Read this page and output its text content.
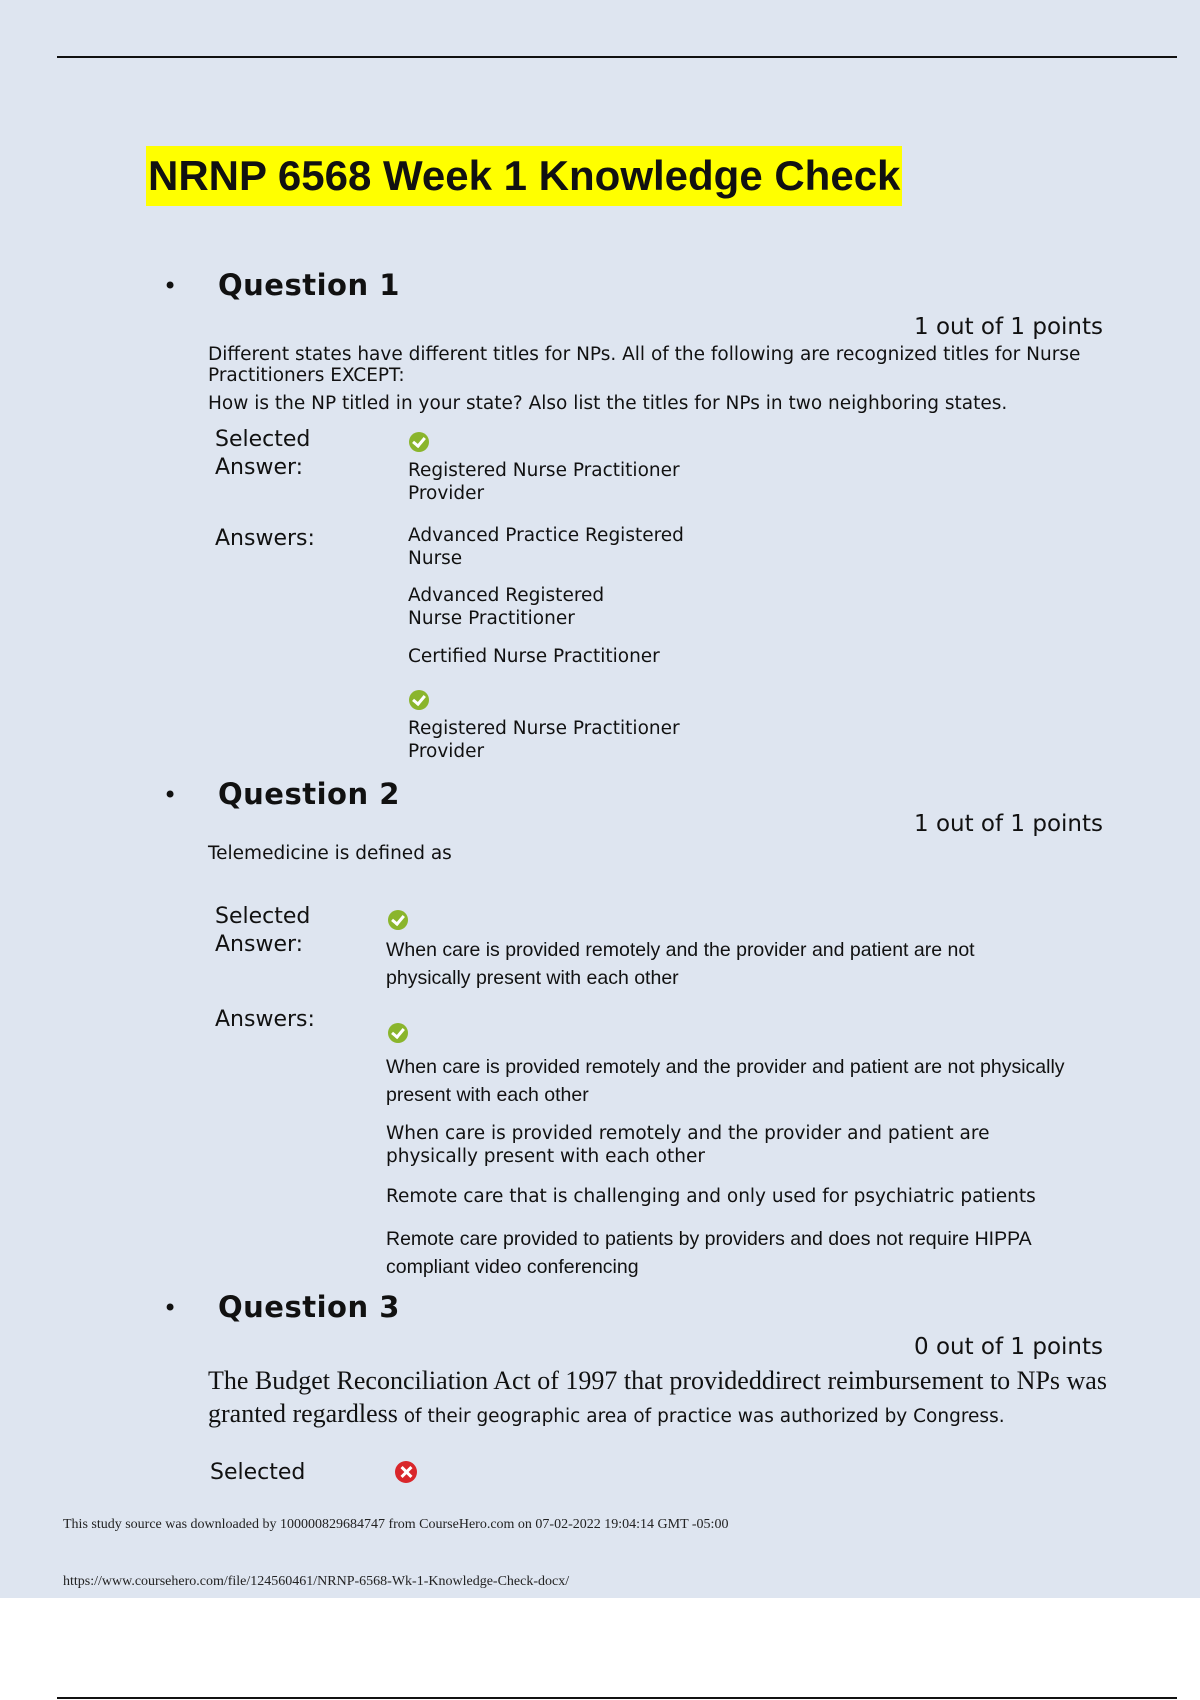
NRNP 6568 Week 1 Knowledge Check
• Question 1
1 out of 1 points
Different states have different titles for NPs. All of the following are recognized titles for Nurse Practitioners EXCEPT:
How is the NP titled in your state? Also list the titles for NPs in two neighboring states.
Selected Answer:	Registered Nurse Practitioner Provider
Answers:	Advanced Practice Registered Nurse
Advanced Registered Nurse Practitioner
Certified Nurse Practitioner
Registered Nurse Practitioner Provider
• Question 2
1 out of 1 points
Telemedicine is defined as
Selected Answer:	When care is provided remotely and the provider and patient are not physically present with each other
Answers:
When care is provided remotely and the provider and patient are not physically present with each other
When care is provided remotely and the provider and patient are physically present with each other
Remote care that is challenging and only used for psychiatric patients
Remote care provided to patients by providers and does not require HIPPA compliant video conferencing
• Question 3
0 out of 1 points
The Budget Reconciliation Act of 1997 that provideddirect reimbursement to NPs was granted regardless of their geographic area of practice was authorized by Congress.
Selected
This study source was downloaded by 100000829684747 from CourseHero.com on 07-02-2022 19:04:14 GMT -05:00
https://www.coursehero.com/file/124560461/NRNP-6568-Wk-1-Knowledge-Check-docx/
